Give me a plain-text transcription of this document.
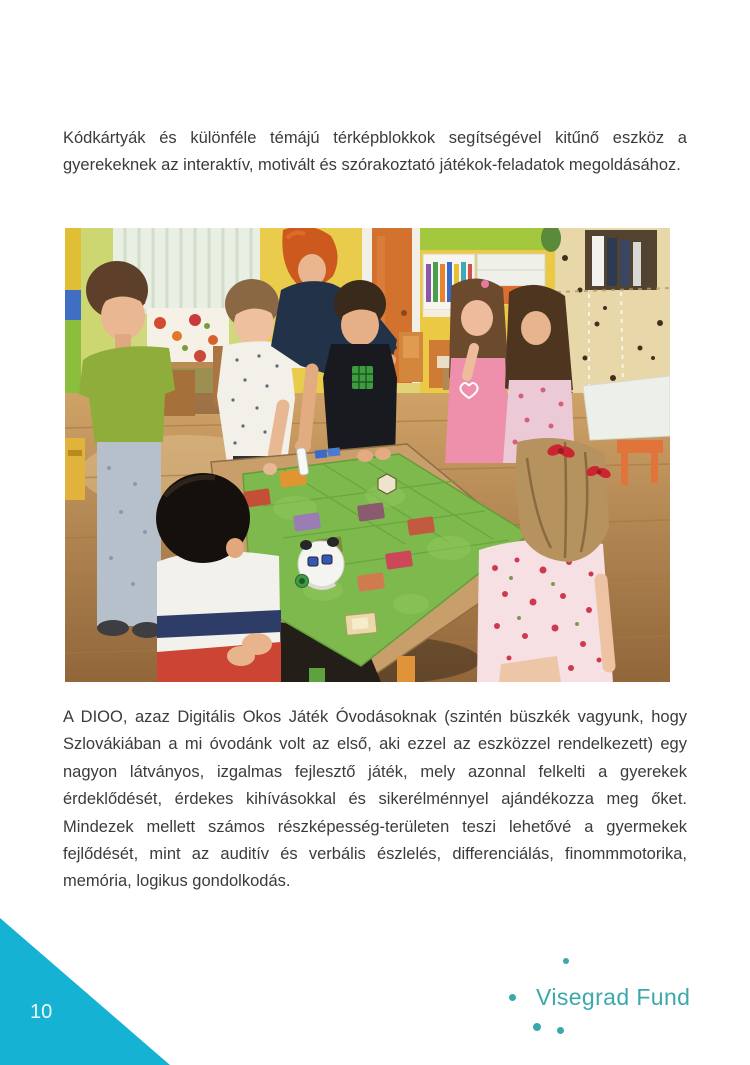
Kódkártyák és különféle témájú térképblokkok segítségével kitűnő eszköz a gyerekeknek az interaktív, motivált és szórakoztató játékok-feladatok megoldásához.

A DIOO, azaz Digitális Okos Játék Óvodásoknak (szintén büszkék vagyunk, hogy Szlovákiában a mi óvodánk volt az első, aki ezzel az eszközzel rendelkezett) egy nagyon látványos, izgalmas fejlesztő játék, mely azonnal felkelti a gyerekek érdeklődését, érdekes kihívásokkal és sikerélménnyel ajándékozza meg őket. Mindezek mellett számos részképesség-területen teszi lehetővé a gyermekek fejlődését, mint az auditív és verbális észlelés, differenciálás, finommmotorika, memória, logikus gondolkodás.

10
Visegrad Fund
